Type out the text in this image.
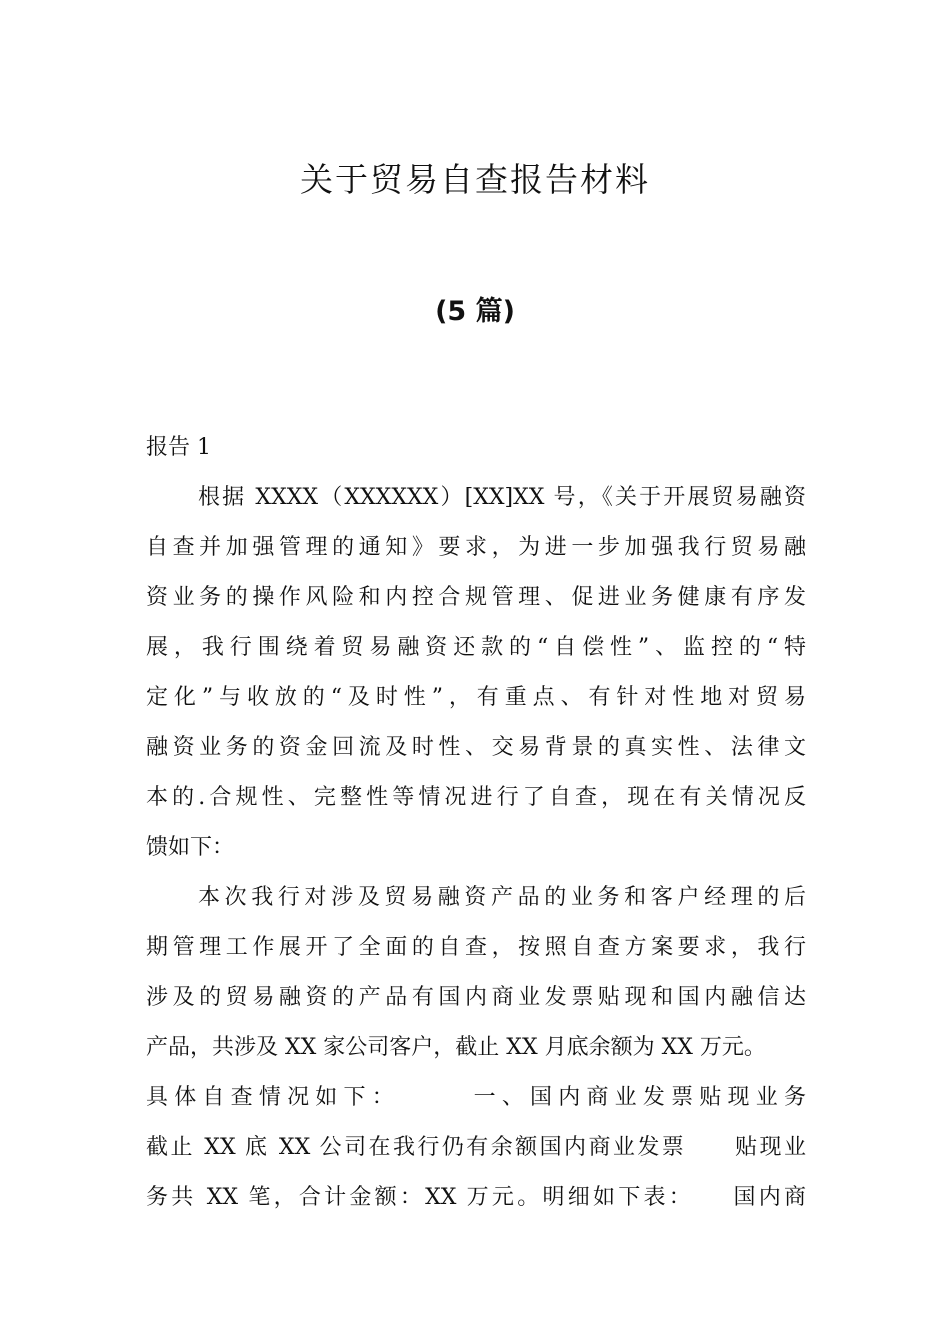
关于贸易自查报告材料
(5 篇)
报告 1
根据 XXXX（XXXXXX）[XX]XX 号，《关于开展贸易融资
自查并加强管理的通知》要求，为进一步加强我行贸易融
资业务的操作风险和内控合规管理、促进业务健康有序发
展，我行围绕着贸易融资还款的“自偿性”、监控的“特
定化”与收放的“及时性”，有重点、有针对性地对贸易
融资业务的资金回流及时性、交易背景的真实性、法律文
本的.合规性、完整性等情况进行了自查，现在有关情况反
馈如下：
本次我行对涉及贸易融资产品的业务和客户经理的后
期管理工作展开了全面的自查，按照自查方案要求，我行
涉及的贸易融资的产品有国内商业发票贴现和国内融信达
产品，共涉及 XX 家公司客户，截止 XX 月底余额为 XX 万元。
具体自查情况如下：　　　一、国内商业发票贴现业务
截止 XX 底 XX 公司在我行仍有余额国内商业发票　　贴现业
务共 XX 笔，合计金额：XX 万元。明细如下表：　　国内商
